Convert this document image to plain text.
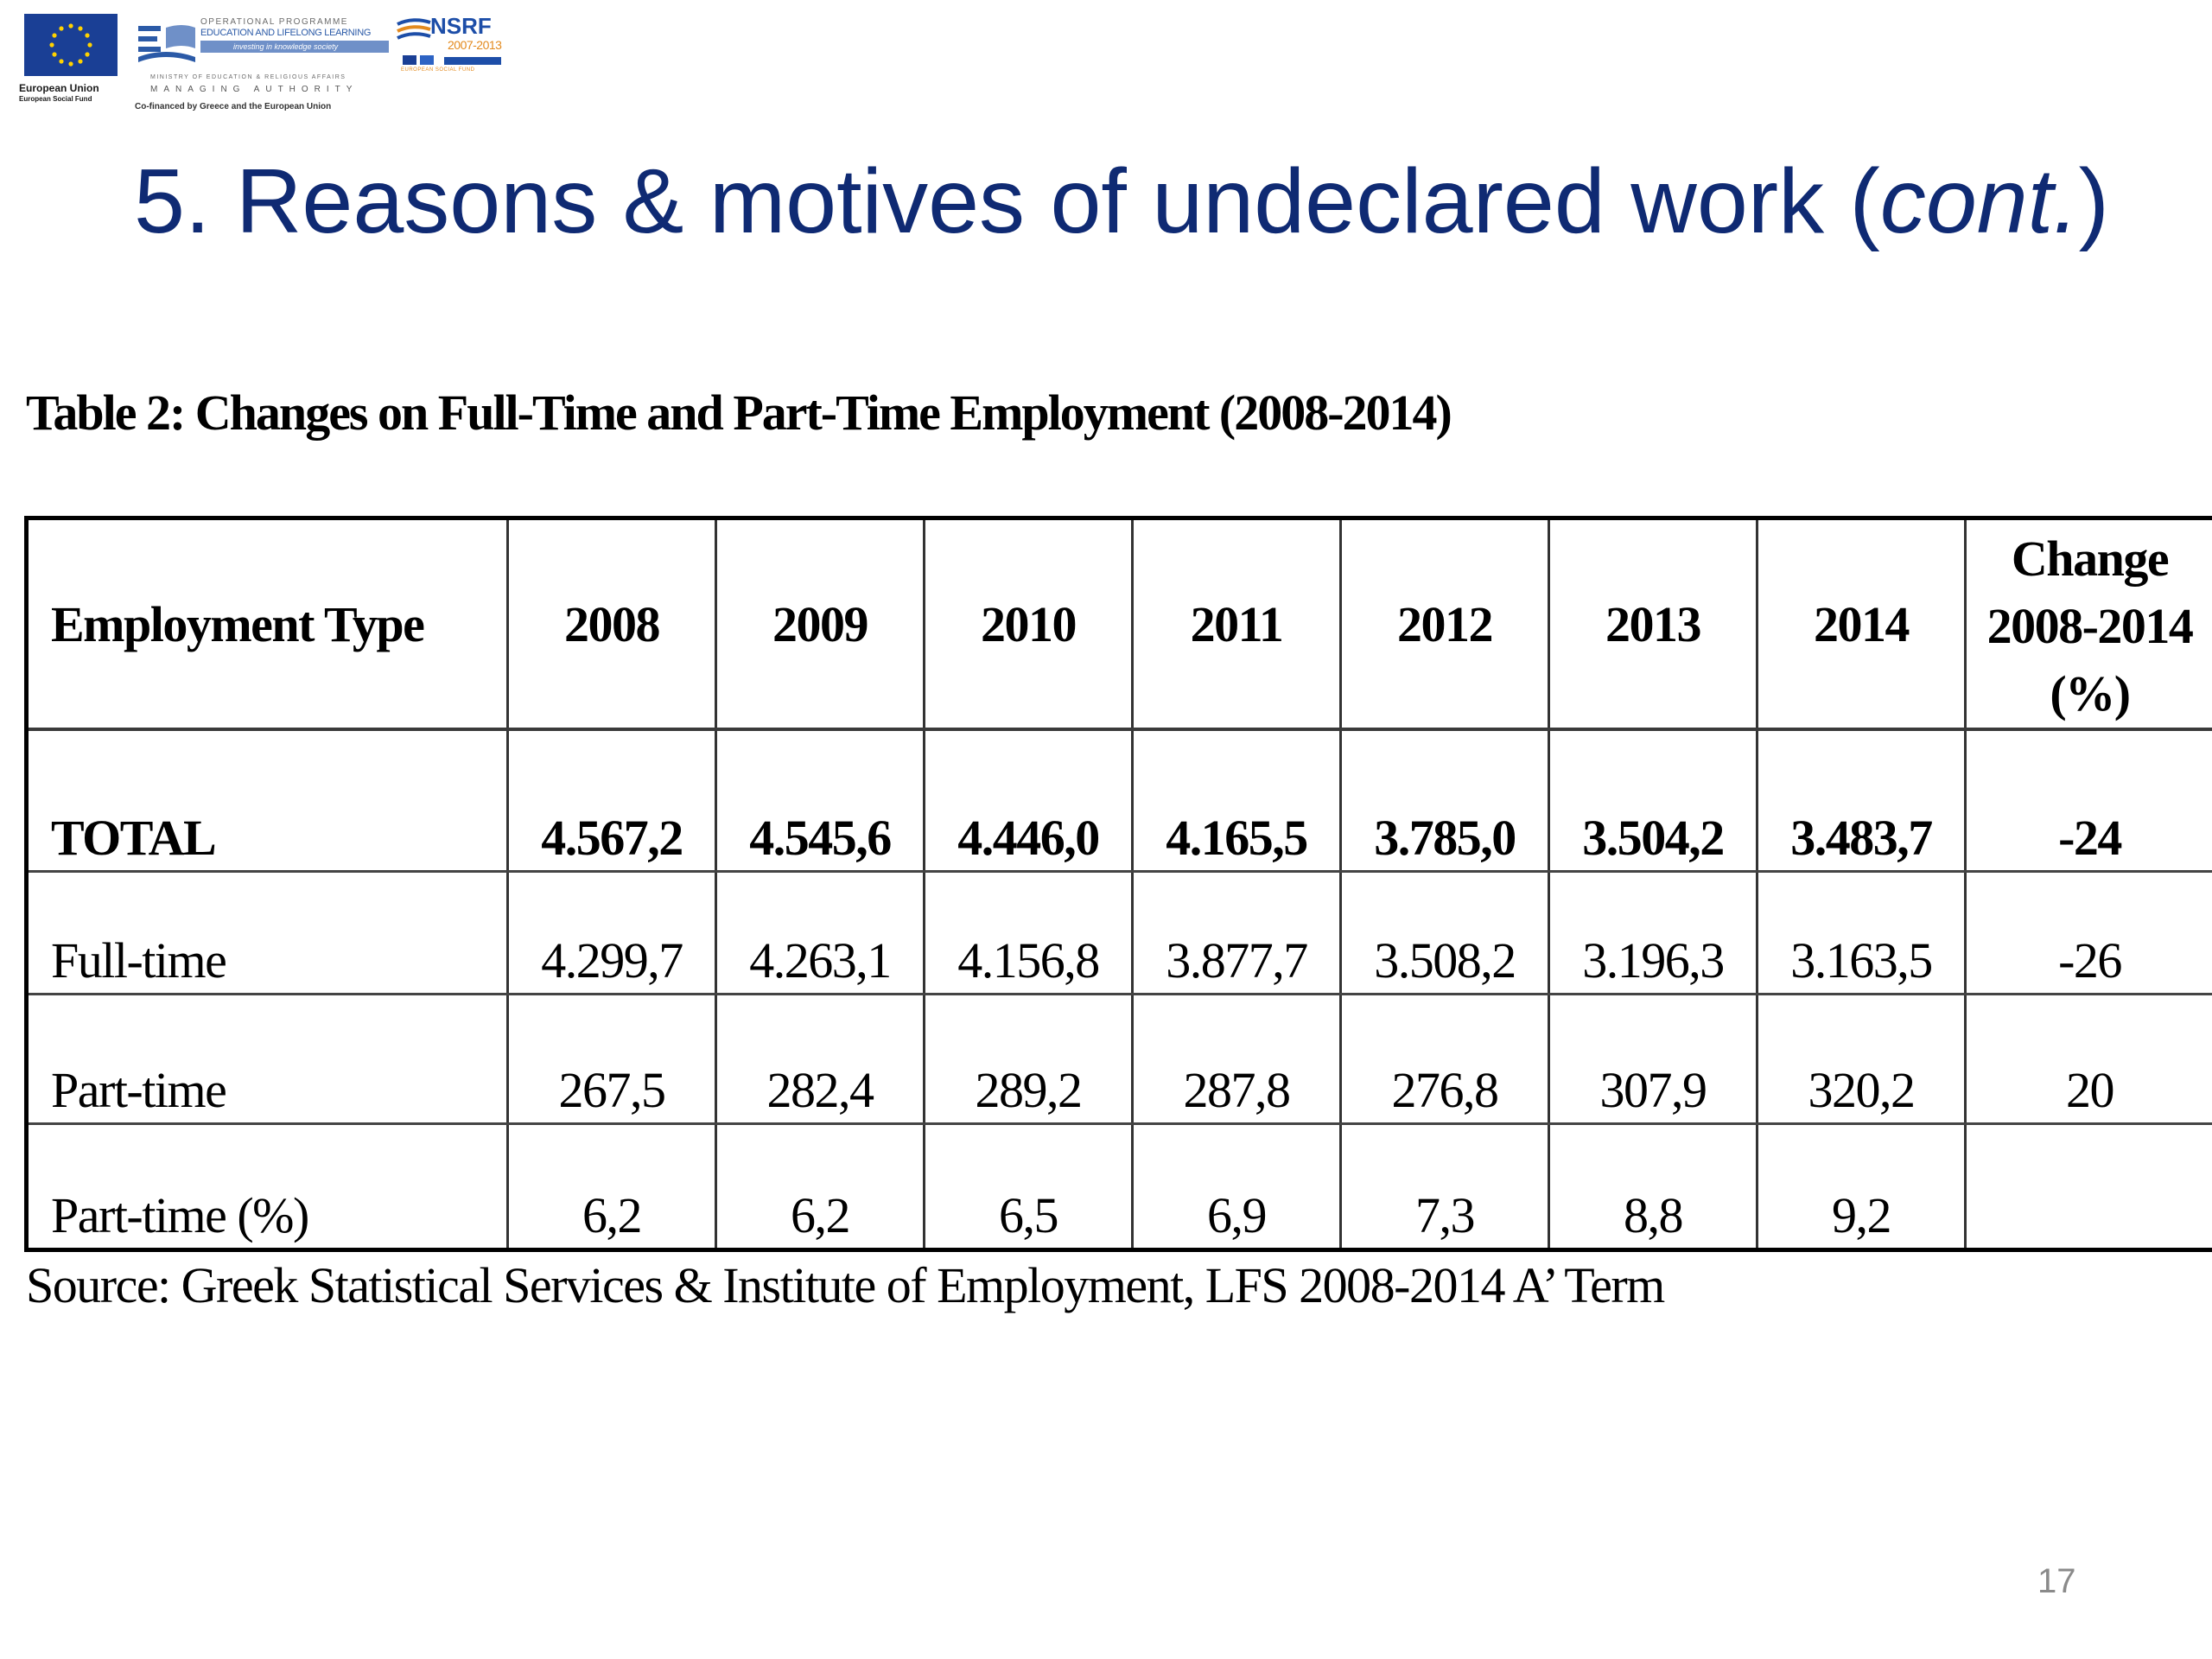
European Union
European Social Fund
OPERATIONAL PROGRAMME
EDUCATION AND LIFELONG LEARNING
investing in knowledge society
MINISTRY OF EDUCATION & RELIGIOUS AFFAIRS
MANAGING AUTHORITY
Co-financed by Greece and the European Union
NSRF
2007-2013
EUROPEAN SOCIAL FUND
5. Reasons & motives of undeclared work (cont.)
Table 2: Changes on Full-Time and Part-Time Employment (2008-2014)
Employment Type	2008	2009	2010	2011	2012	2013	2014	Change
2008-2014
(%)

TOTAL	4.567,2	4.545,6	4.446,0	4.165,5	3.785,0	3.504,2	3.483,7	-24
Full-time	4.299,7	4.263,1	4.156,8	3.877,7	3.508,2	3.196,3	3.163,5	-26
Part-time	267,5	282,4	289,2	287,8	276,8	307,9	320,2	20
Part-time (%)	6,2	6,2	6,5	6,9	7,3	8,8	9,2	
Source: Greek Statistical Services & Institute of Employment, LFS 2008-2014 A’ Term
17
